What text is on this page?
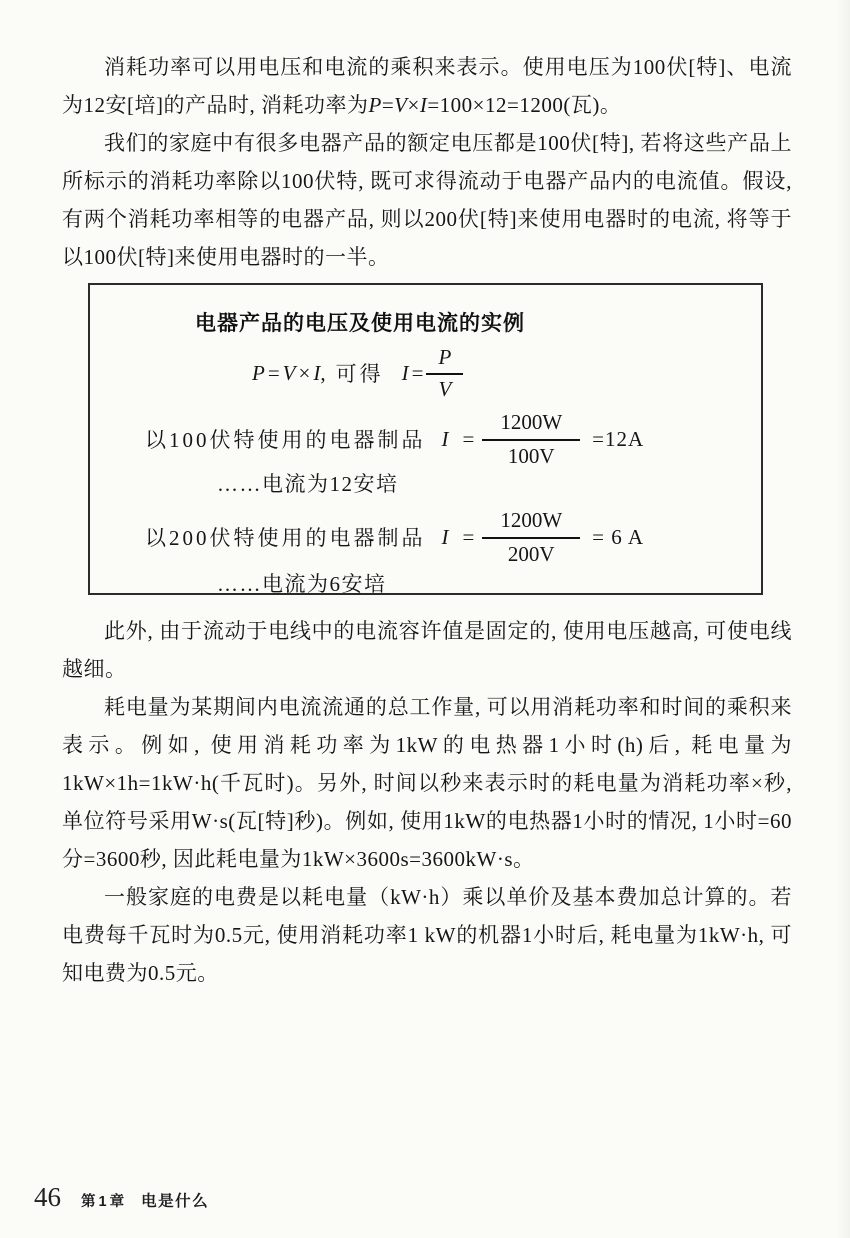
消耗功率可以用电压和电流的乘积来表示。使用电压为100伏[特]、电流为12安[培]的产品时, 消耗功率为P=V×I=100×12=1200(瓦)。

我们的家庭中有很多电器产品的额定电压都是100伏[特], 若将这些产品上所标示的消耗功率除以100伏特, 既可求得流动于电器产品内的电流值。假设, 有两个消耗功率相等的电器产品, 则以200伏[特]来使用电器时的电流, 将等于以100伏[特]来使用电器时的一半。

电器产品的电压及使用电流的实例
P = V × I , 可得 $I = \frac{P}{V}$
以100伏特使用的电器制品 $I = \frac{1200W}{100V} =12A$
……电流为12安培
以200伏特使用的电器制品 $I = \frac{1200W}{200V} = 6$ A
……电流为6安培

此外, 由于流动于电线中的电流容许值是固定的, 使用电压越高, 可使电线越细。

耗电量为某期间内电流流通的总工作量, 可以用消耗功率和时间的乘积来表示。例如, 使用消耗功率为1kW的电热器1小时(h)后, 耗电量为1kW×1h=1kW·h(千瓦时)。另外, 时间以秒来表示时的耗电量为消耗功率×秒, 单位符号采用W·s(瓦[特]秒)。例如, 使用1kW的电热器1小时的情况, 1小时=60分=3600秒, 因此耗电量为1kW×3600s=3600kW·s。

一般家庭的电费是以耗电量（kW·h）乘以单价及基本费加总计算的。若电费每千瓦时为0.5元, 使用消耗功率1 kW的机器1小时后, 耗电量为1kW·h, 可知电费为0.5元。

46 第1章 电是什么
